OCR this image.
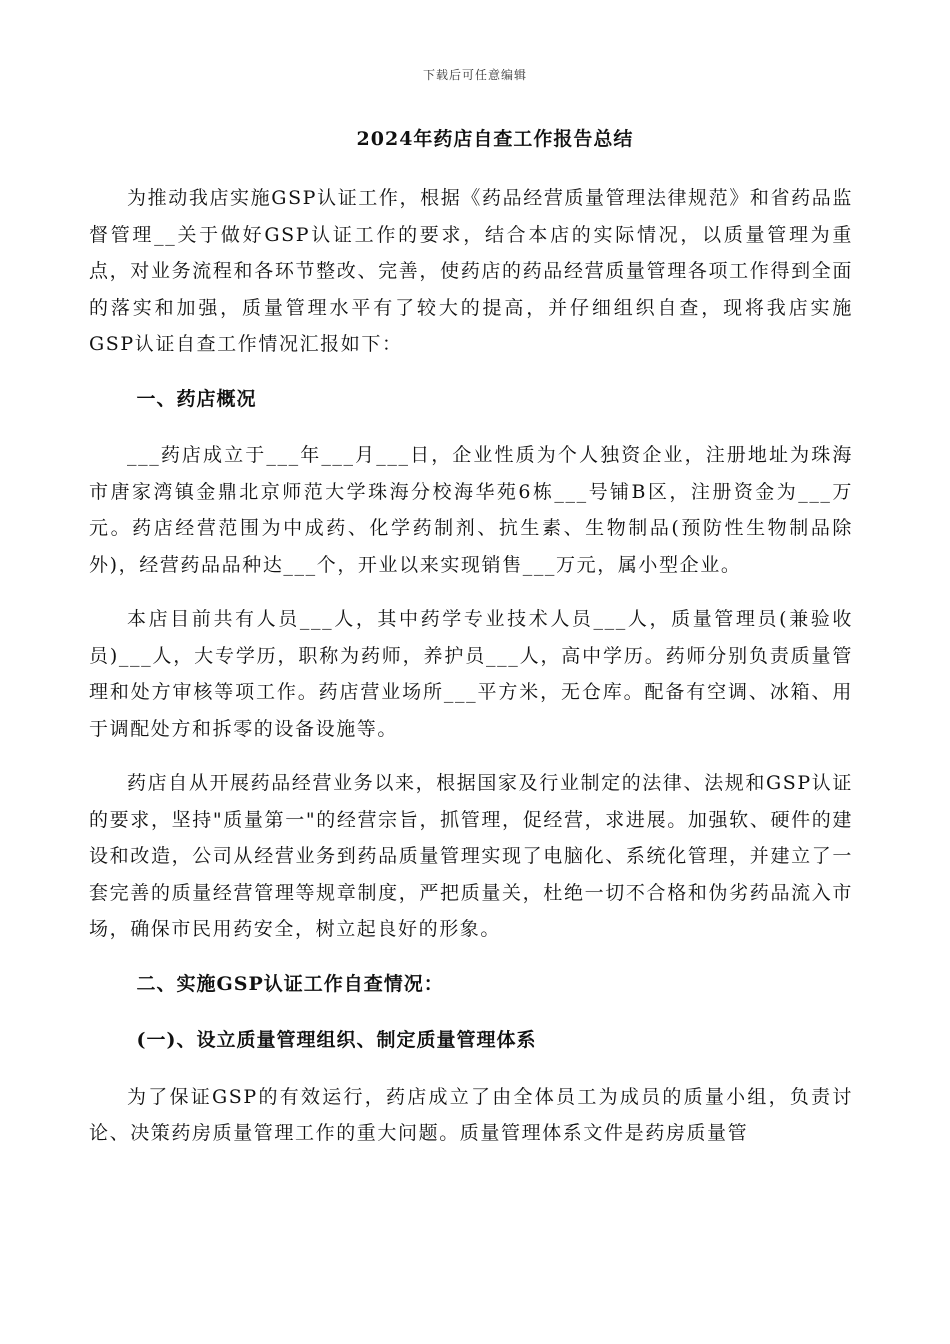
下载后可任意编辑
2024年药店自查工作报告总结

为推动我店实施GSP认证工作，根据《药品经营质量管理法律规范》和省药品监督管理__关于做好GSP认证工作的要求，结合本店的实际情况，以质量管理为重点，对业务流程和各环节整改、完善，使药店的药品经营质量管理各项工作得到全面的落实和加强，质量管理水平有了较大的提高，并仔细组织自查，现将我店实施GSP认证自查工作情况汇报如下：

一、药店概况

___药店成立于___年___月___日，企业性质为个人独资企业，注册地址为珠海市唐家湾镇金鼎北京师范大学珠海分校海华苑6栋___号铺B区，注册资金为___万元。药店经营范围为中成药、化学药制剂、抗生素、生物制品(预防性生物制品除外)，经营药品品种达___个，开业以来实现销售___万元，属小型企业。

本店目前共有人员___人，其中药学专业技术人员___人，质量管理员(兼验收员)___人，大专学历，职称为药师，养护员___人，高中学历。药师分别负责质量管理和处方审核等项工作。药店营业场所___平方米，无仓库。配备有空调、冰箱、用于调配处方和拆零的设备设施等。

药店自从开展药品经营业务以来，根据国家及行业制定的法律、法规和GSP认证的要求，坚持"质量第一"的经营宗旨，抓管理，促经营，求进展。加强软、硬件的建设和改造，公司从经营业务到药品质量管理实现了电脑化、系统化管理，并建立了一套完善的质量经营管理等规章制度，严把质量关，杜绝一切不合格和伪劣药品流入市场，确保市民用药安全，树立起良好的形象。

二、实施GSP认证工作自查情况：
(一)、设立质量管理组织、制定质量管理体系

为了保证GSP的有效运行，药店成立了由全体员工为成员的质量小组，负责讨论、决策药房质量管理工作的重大问题。质量管理体系文件是药房质量管
